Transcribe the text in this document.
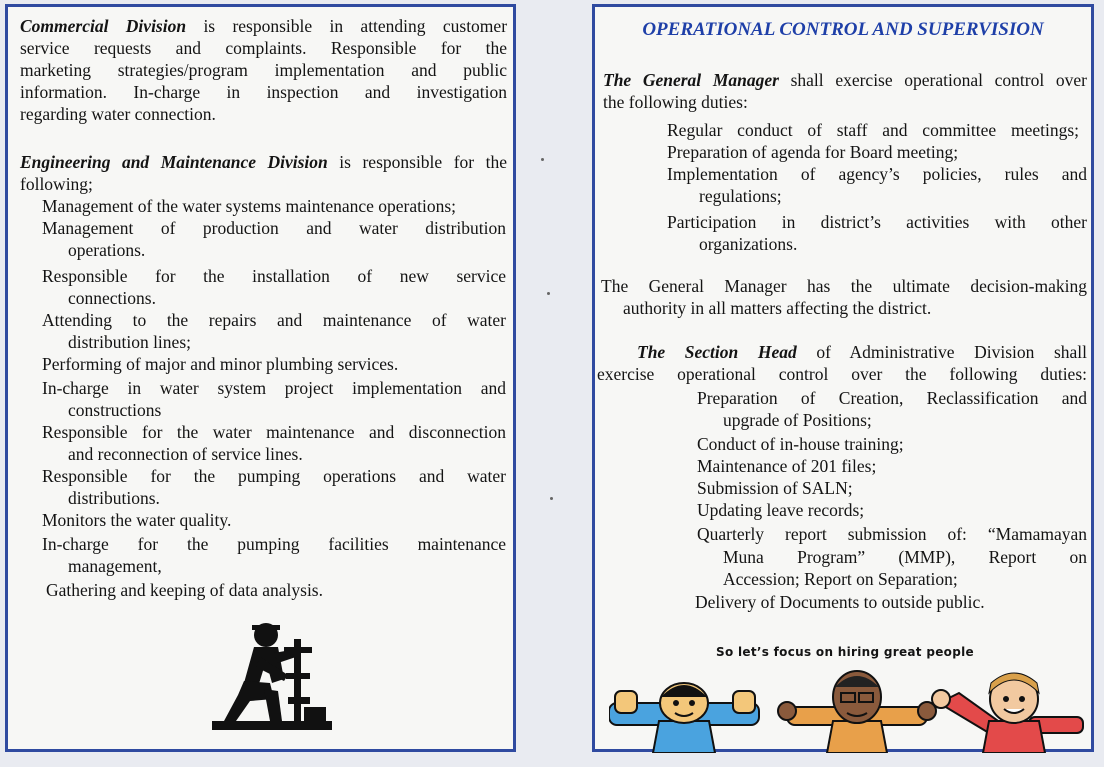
Commercial Division is responsible in attending customer

service requests and complaints. Responsible for the

marketing strategies/program implementation and public

information. In-charge in inspection and investigation

regarding water connection.

Engineering and Maintenance Division is responsible for the

following;

Management of the water systems maintenance operations;

Management of production and water distribution

operations.

Responsible for the installation of new service

connections.

Attending to the repairs and maintenance of water

distribution lines;

Performing of major and minor plumbing services.

In-charge in water system project implementation and

constructions

Responsible for the water maintenance and disconnection

and reconnection of service lines.

Responsible for the pumping operations and water

distributions.

Monitors the water quality.

In-charge for the pumping facilities maintenance

management,

Gathering and keeping of data analysis.

OPERATIONAL CONTROL AND SUPERVISION

The General Manager shall exercise operational control over

the following duties:

Regular conduct of staff and committee meetings;

Preparation of agenda for Board meeting;

Implementation of agency’s policies, rules and

regulations;

Participation in district’s activities with other

organizations.

The General Manager has the ultimate decision-making

authority in all matters affecting the district.

The Section Head of Administrative Division shall

exercise operational control over the following duties:

Preparation of Creation, Reclassification and

upgrade of Positions;

Conduct of in-house training;

Maintenance of 201 files;

Submission of SALN;

Updating leave records;

Quarterly report submission of: “Mamamayan

Muna Program” (MMP), Report on

Accession; Report on Separation;

Delivery of Documents to outside public.

So let’s focus on hiring great people
